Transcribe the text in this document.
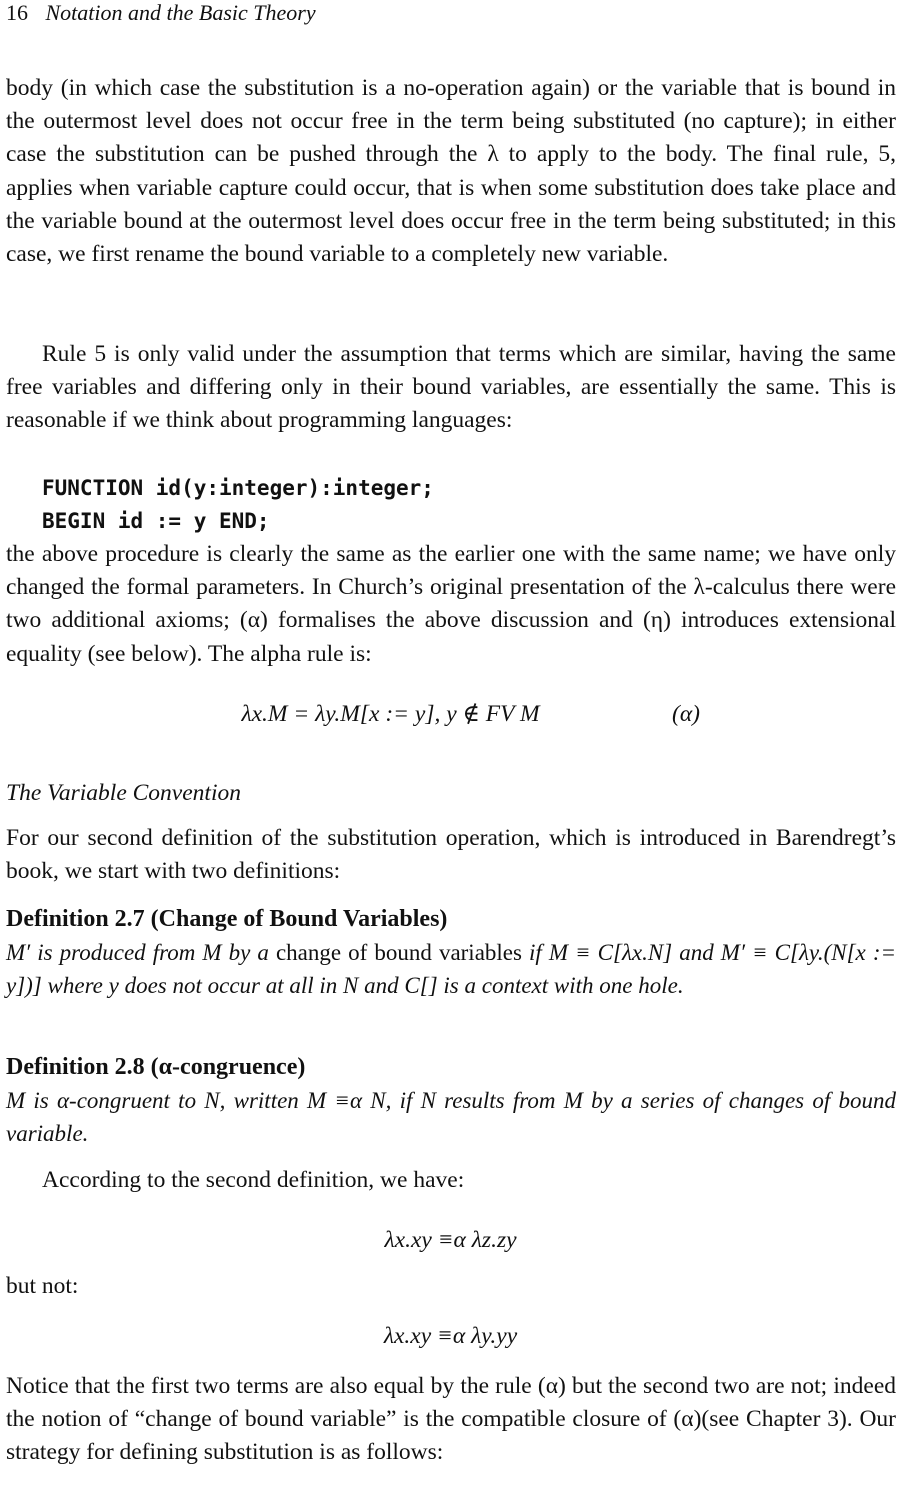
16 Notation and the Basic Theory
body (in which case the substitution is a no-operation again) or the variable that is bound in the outermost level does not occur free in the term being substituted (no capture); in either case the substitution can be pushed through the λ to apply to the body. The final rule, 5, applies when variable capture could occur, that is when some substitution does take place and the variable bound at the outermost level does occur free in the term being substituted; in this case, we first rename the bound variable to a completely new variable.
Rule 5 is only valid under the assumption that terms which are similar, having the same free variables and differing only in their bound variables, are essentially the same. This is reasonable if we think about programming languages:
FUNCTION id(y:integer):integer;
BEGIN id := y END;
the above procedure is clearly the same as the earlier one with the same name; we have only changed the formal parameters. In Church’s original presentation of the λ-calculus there were two additional axioms; (α) formalises the above discussion and (η) introduces extensional equality (see below). The alpha rule is:
λx.M = λy.M[x := y], y ∉ FV M	(α)
The Variable Convention
For our second definition of the substitution operation, which is introduced in Barendregt’s book, we start with two definitions:
Definition 2.7 (Change of Bound Variables)
M′ is produced from M by a change of bound variables if M ≡ C[λx.N] and M′ ≡ C[λy.(N[x := y])] where y does not occur at all in N and C[] is a context with one hole.
Definition 2.8 (α-congruence)
M is α-congruent to N, written M ≡α N, if N results from M by a series of changes of bound variable.
According to the second definition, we have:
λx.xy ≡α λz.zy
but not:
λx.xy ≡α λy.yy
Notice that the first two terms are also equal by the rule (α) but the second two are not; indeed the notion of “change of bound variable” is the compatible closure of (α)(see Chapter 3). Our strategy for defining substitution is as follows:
